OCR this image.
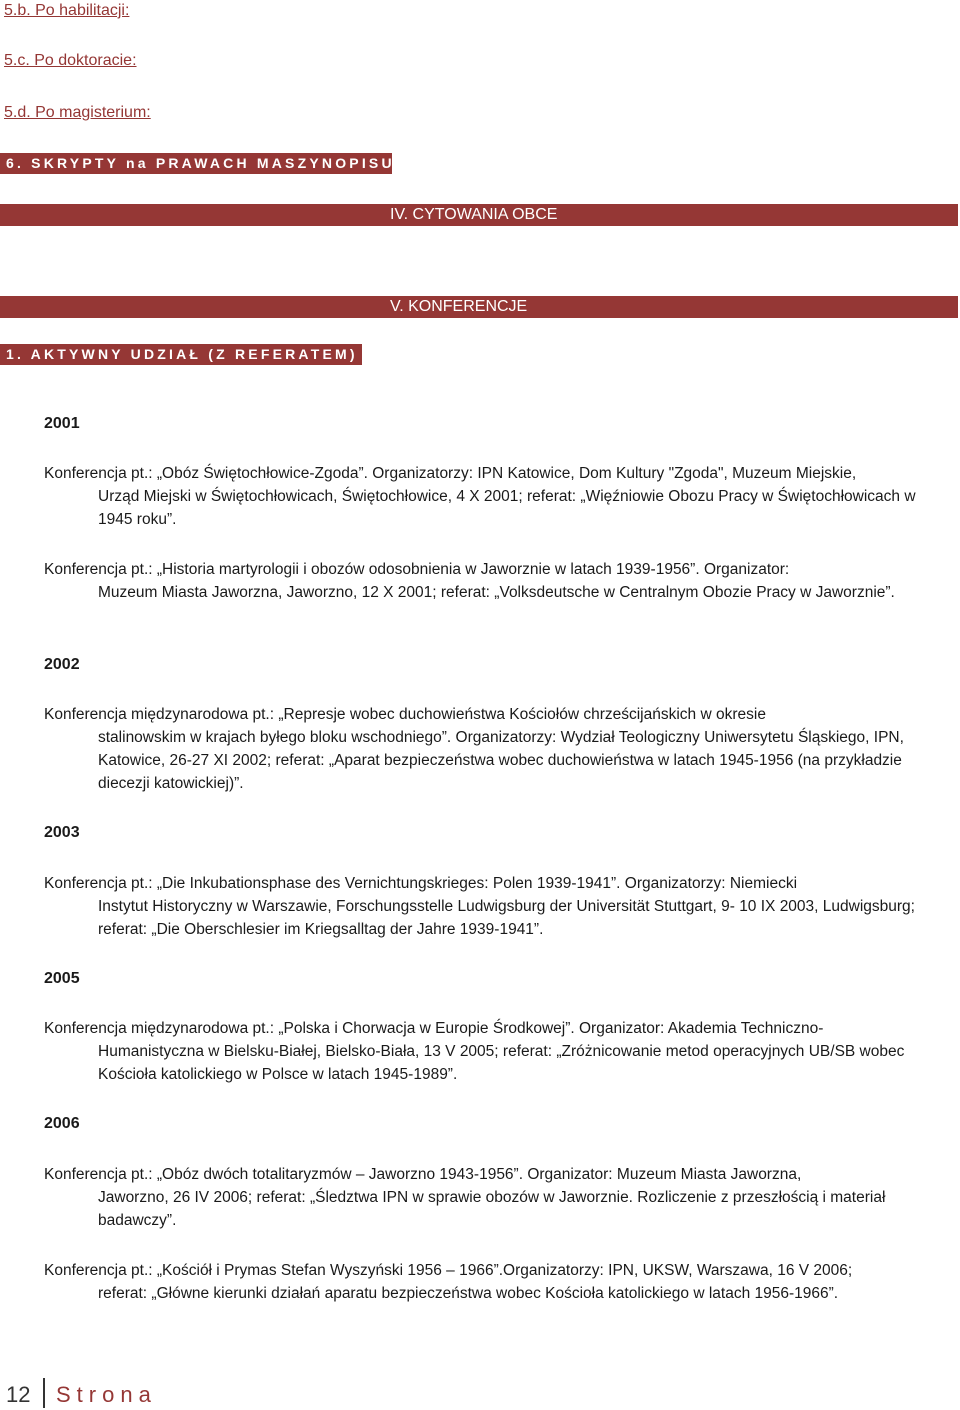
5.b. Po habilitacji:
5.c. Po doktoracie:
5.d. Po magisterium:
6. SKRYPTY na PRAWACH MASZYNOPISU
IV. CYTOWANIA OBCE
V. KONFERENCJE
1. AKTYWNY UDZIAŁ (Z REFERATEM)
2001
2002
2003
2005
2006
Konferencja pt.: „Obóz Świętochłowice-Zgoda”. Organizatorzy: IPN Katowice, Dom Kultury "Zgoda", Muzeum Miejskie,
Urząd Miejski w Świętochłowicach, Świętochłowice, 4 X 2001; referat: „Więźniowie Obozu Pracy w Świętochłowicach w 1945 roku”.
Konferencja pt.: „Historia martyrologii i obozów odosobnienia w Jaworznie w latach 1939-1956”. Organizator:
Muzeum Miasta Jaworzna, Jaworzno, 12 X 2001; referat: „Volksdeutsche w Centralnym Obozie Pracy w Jaworznie”.
Konferencja międzynarodowa pt.: „Represje wobec duchowieństwa Kościołów chrześcijańskich w okresie
stalinowskim w krajach byłego bloku wschodniego”. Organizatorzy: Wydział Teologiczny Uniwersytetu Śląskiego, IPN, Katowice, 26-27 XI 2002; referat: „Aparat bezpieczeństwa wobec duchowieństwa w latach 1945-1956 (na przykładzie diecezji katowickiej)”.
Konferencja pt.: „Die Inkubationsphase des Vernichtungskrieges: Polen 1939-1941”. Organizatorzy: Niemiecki
Instytut Historyczny w Warszawie, Forschungsstelle Ludwigsburg der Universität Stuttgart, 9- 10 IX 2003, Ludwigsburg; referat: „Die Oberschlesier im Kriegsalltag der Jahre 1939-1941”.
Konferencja międzynarodowa pt.: „Polska i Chorwacja w Europie Środkowej”. Organizator: Akademia Techniczno-
Humanistyczna w Bielsku-Białej, Bielsko-Biała, 13 V 2005; referat: „Zróżnicowanie metod operacyjnych UB/SB wobec Kościoła katolickiego w Polsce w latach 1945-1989”.
Konferencja pt.: „Obóz dwóch totalitaryzmów – Jaworzno 1943-1956”. Organizator: Muzeum Miasta Jaworzna,
Jaworzno, 26 IV 2006; referat: „Śledztwa IPN w sprawie obozów w Jaworznie. Rozliczenie z przeszłością i materiał badawczy”.
Konferencja pt.: „Kościół i Prymas Stefan Wyszyński 1956 – 1966”.Organizatorzy: IPN, UKSW, Warszawa, 16 V 2006;
referat: „Główne kierunki działań aparatu bezpieczeństwa wobec Kościoła katolickiego w latach 1956-1966”.
12 Strona
